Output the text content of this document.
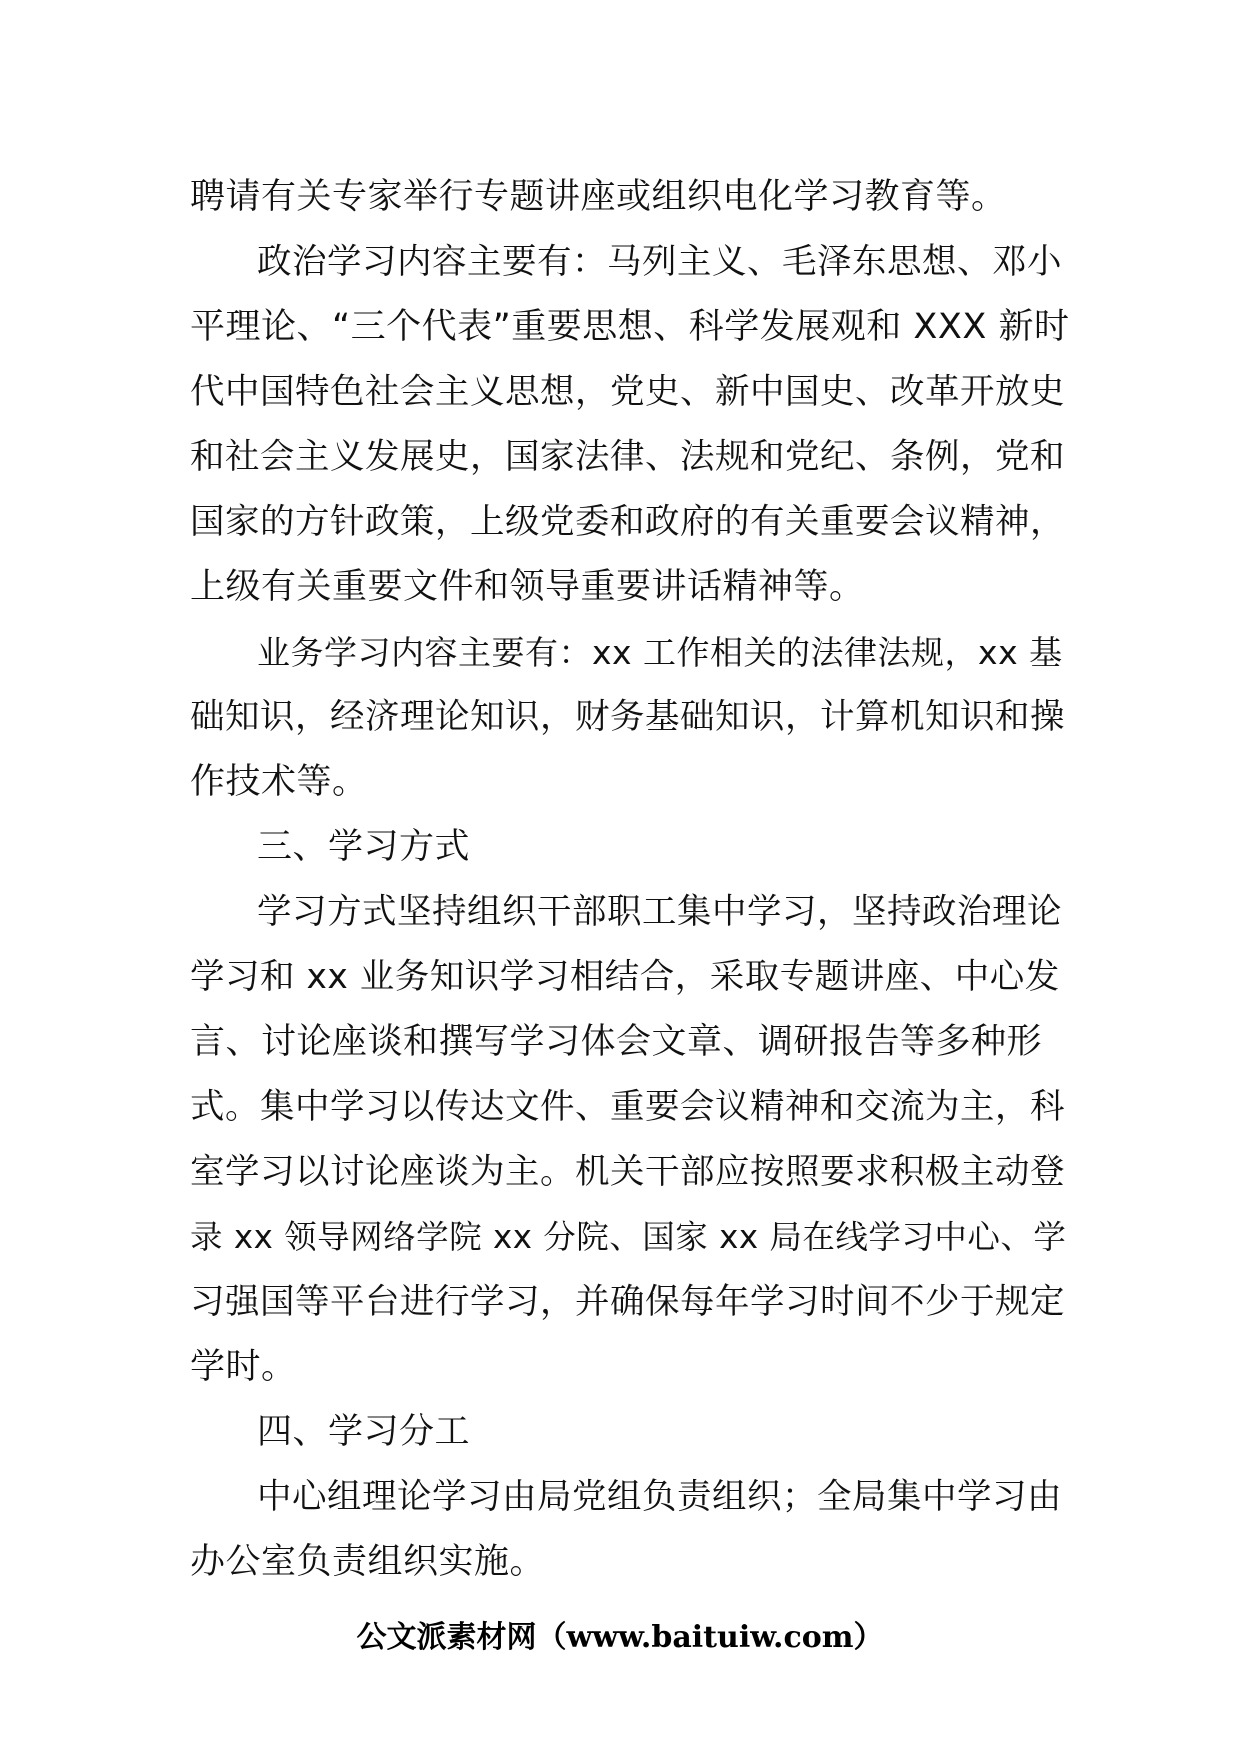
聘请有关专家举行专题讲座或组织电化学习教育等。
政治学习内容主要有：马列主义、毛泽东思想、邓小
平理论、“三个代表”重要思想、科学发展观和 XXX 新时
代中国特色社会主义思想，党史、新中国史、改革开放史
和社会主义发展史，国家法律、法规和党纪、条例，党和
国家的方针政策，上级党委和政府的有关重要会议精神，
上级有关重要文件和领导重要讲话精神等。
业务学习内容主要有：xx 工作相关的法律法规，xx 基
础知识，经济理论知识，财务基础知识，计算机知识和操
作技术等。
三、学习方式
学习方式坚持组织干部职工集中学习，坚持政治理论
学习和 xx 业务知识学习相结合，采取专题讲座、中心发
言、讨论座谈和撰写学习体会文章、调研报告等多种形
式。集中学习以传达文件、重要会议精神和交流为主，科
室学习以讨论座谈为主。机关干部应按照要求积极主动登
录 xx 领导网络学院 xx 分院、国家 xx 局在线学习中心、学
习强国等平台进行学习，并确保每年学习时间不少于规定
学时。
四、学习分工
中心组理论学习由局党组负责组织；全局集中学习由
办公室负责组织实施。
公文派素材网（www.baituiw.com）
